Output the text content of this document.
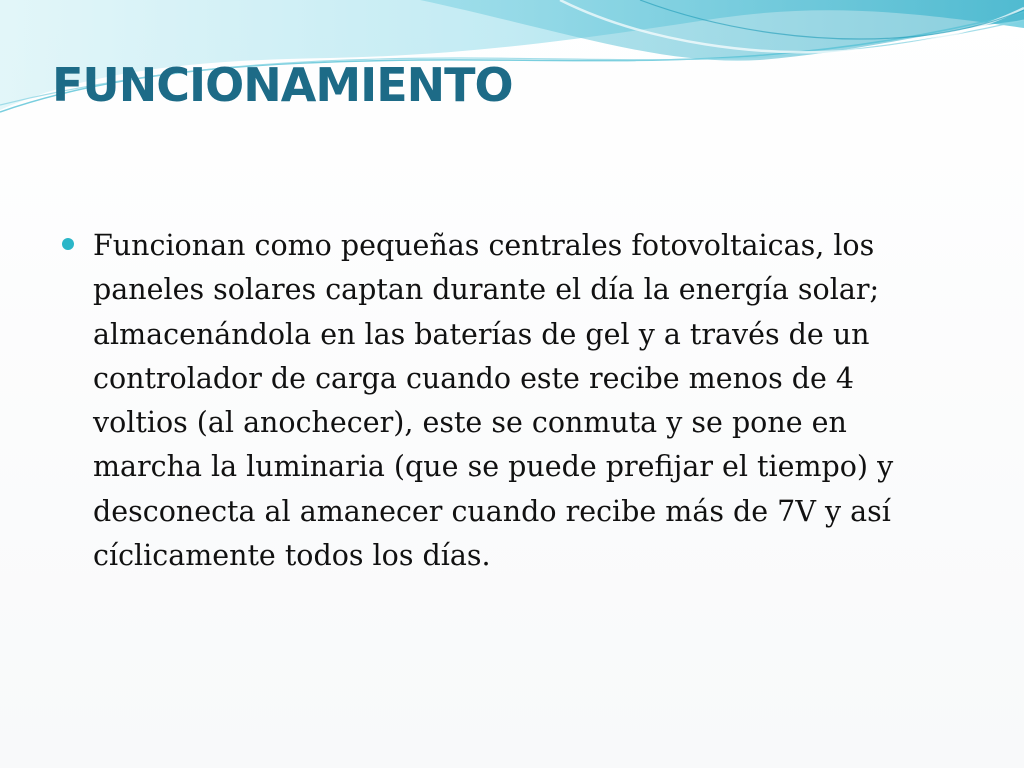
FUNCIONAMIENTO
Funcionan como pequeñas centrales fotovoltaicas, los
paneles solares captan durante el día la energía solar;
almacenándola en las baterías de gel y a través de un
controlador de carga cuando este recibe menos de 4
voltios (al anochecer), este se conmuta y se pone en
marcha la luminaria (que se puede prefijar el tiempo) y
desconecta al amanecer cuando recibe más de 7V y así
cíclicamente todos los días.
